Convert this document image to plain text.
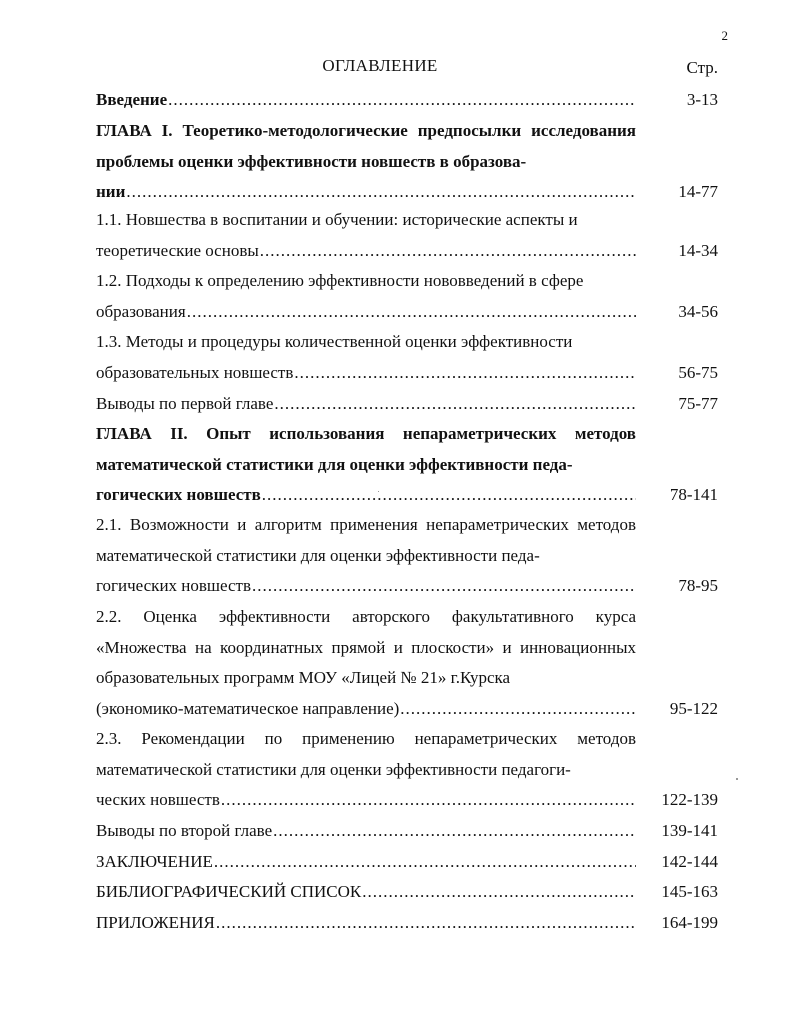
2
ОГЛАВЛЕНИЕ	Стр.
Введение .....	3-13
ГЛАВА I. Теоретико-методологические предпосылки исследования проблемы оценки эффективности новшеств в образова-
нии .....	14-77
1.1. Новшества в воспитании и обучении: исторические аспекты и
теоретические основы .....	14-34
1.2. Подходы к определению эффективности нововведений в сфере
образования .....	34-56
1.3. Методы и процедуры количественной оценки эффективности
образовательных новшеств .....	56-75
Выводы по первой главе .....	75-77
ГЛАВА II. Опыт использования непараметрических методов математической статистики для оценки эффективности педа-
гогических новшеств .....	78-141
2.1. Возможности и алгоритм применения непараметрических методов математической статистики для оценки эффективности педа-
гогических новшеств .....	78-95
2.2. Оценка эффективности авторского факультативного курса «Множества на координатных прямой и плоскости» и инновационных образовательных программ МОУ «Лицей № 21» г.Курска
(экономико-математическое направление) .....	95-122
2.3. Рекомендации по применению непараметрических методов математической статистики для оценки эффективности педагоги-
ческих новшеств .....	122-139
Выводы по второй главе .....	139-141
ЗАКЛЮЧЕНИЕ .....	142-144
БИБЛИОГРАФИЧЕСКИЙ СПИСОК .....	145-163
ПРИЛОЖЕНИЯ .....	164-199
